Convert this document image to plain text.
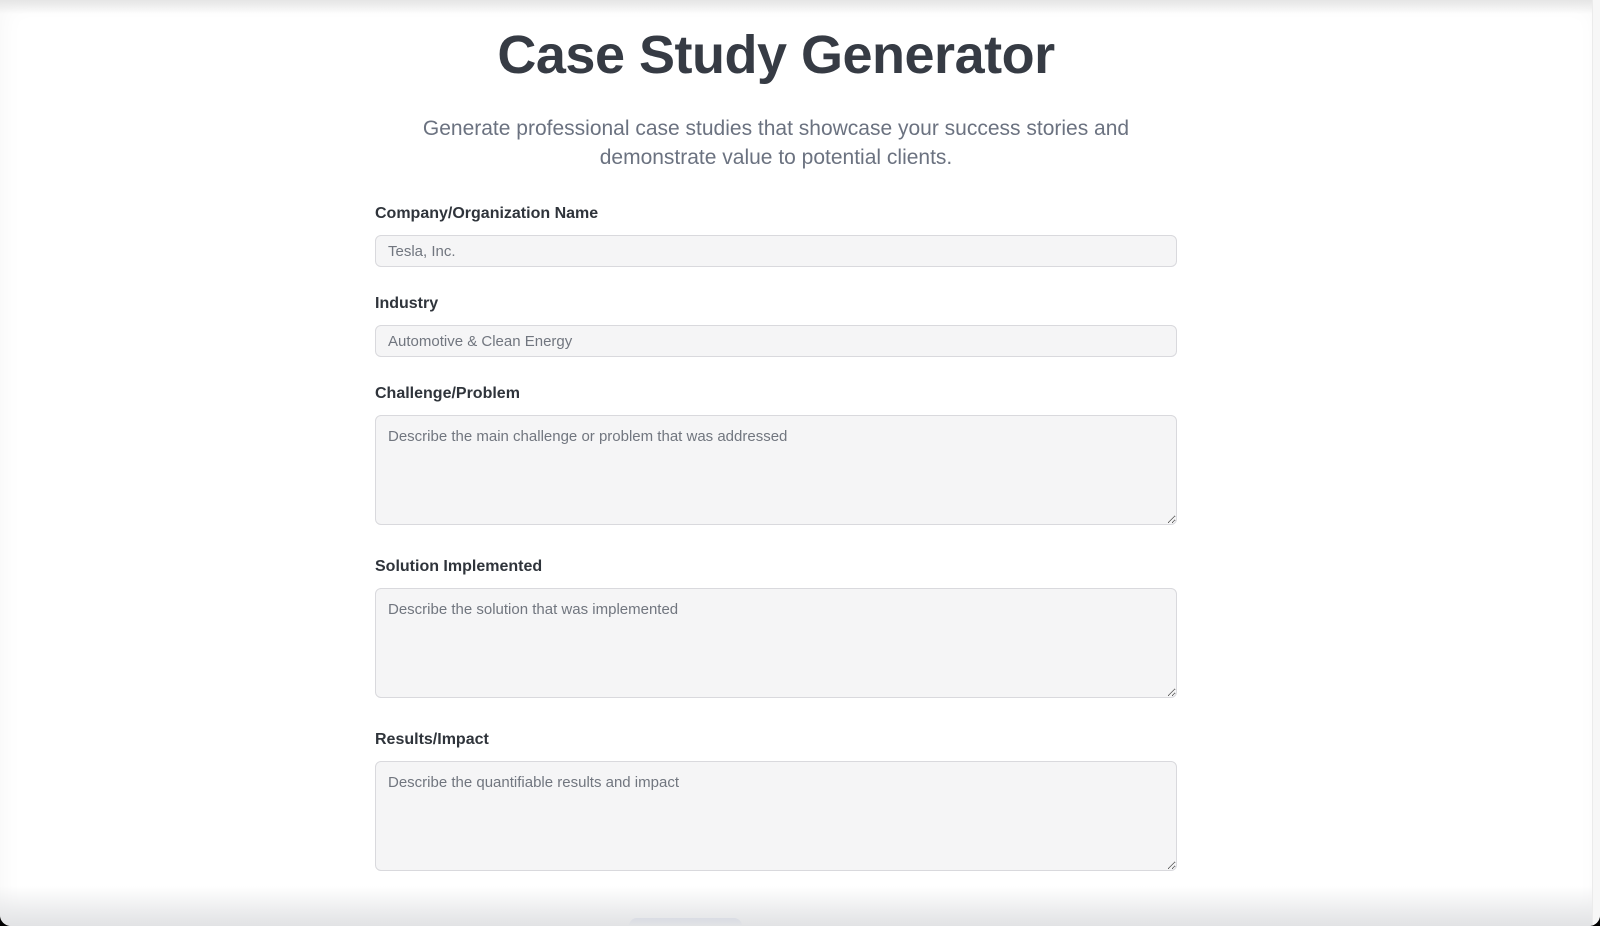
Case Study Generator

Generate professional case studies that showcase your success stories and demonstrate value to potential clients.

Company/Organization Name
Tesla, Inc.
Industry
Automotive & Clean Energy
Challenge/Problem
Describe the main challenge or problem that was addressed
Solution Implemented
Describe the solution that was implemented
Results/Impact
Describe the quantifiable results and impact
